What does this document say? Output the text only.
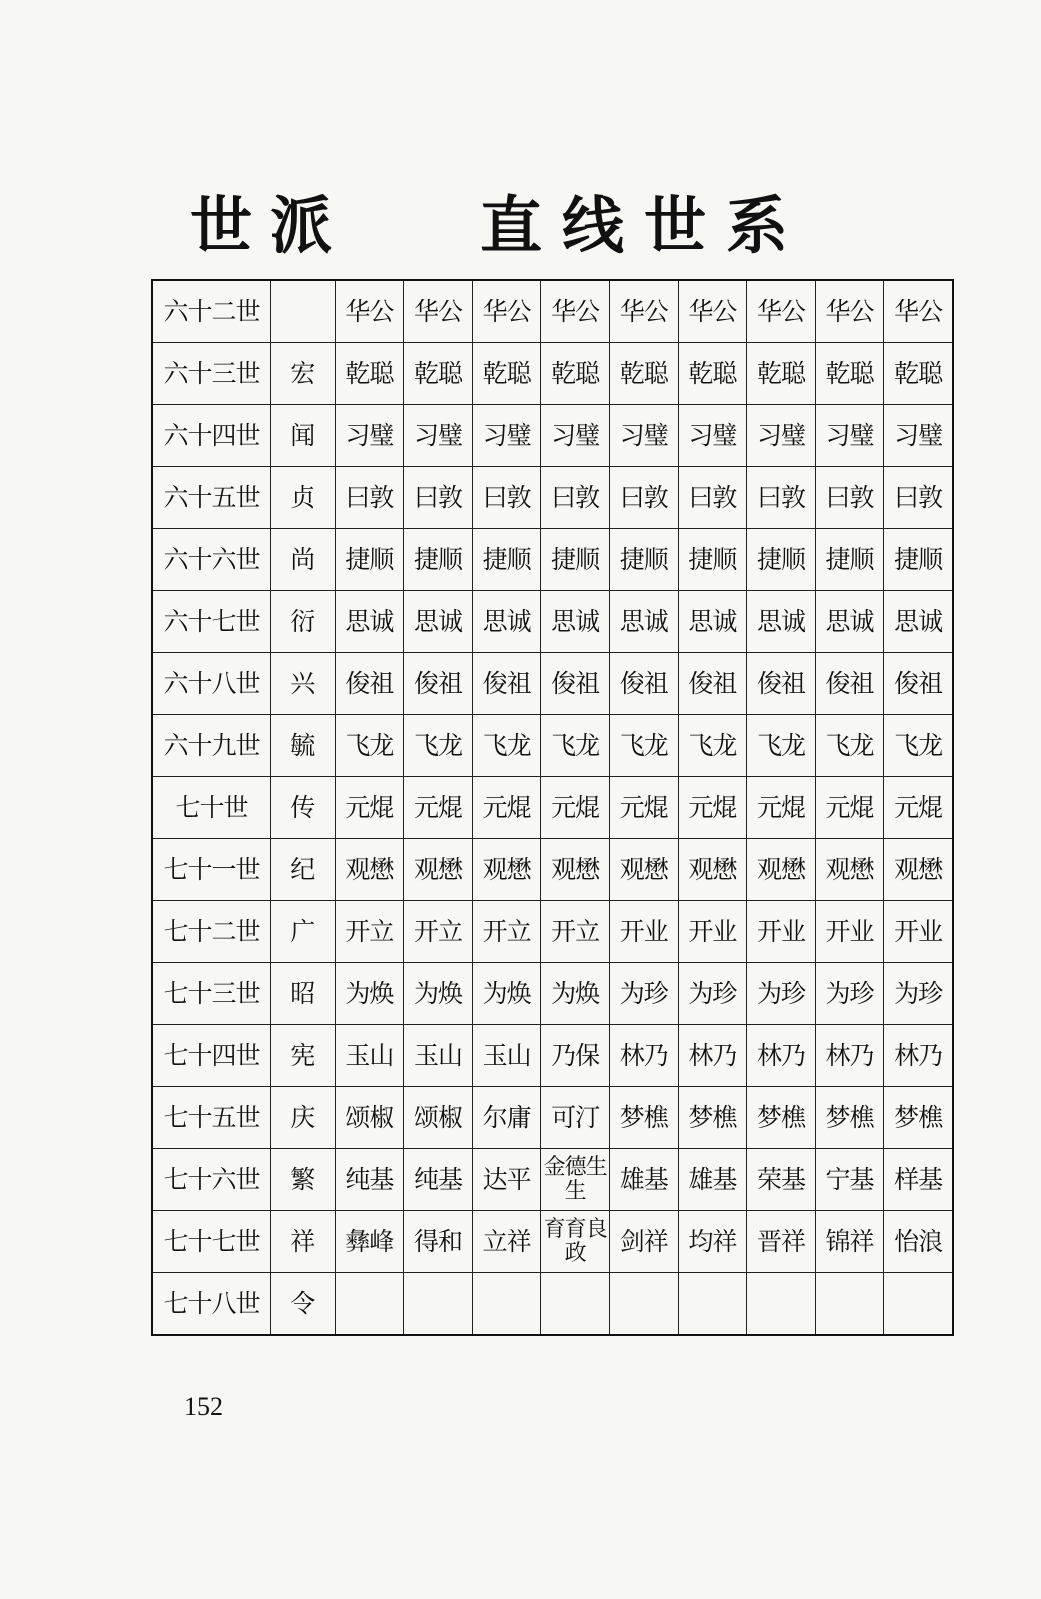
世派 直线世系
六十二世		华公	华公	华公	华公	华公	华公	华公	华公	华公
六十三世	宏	乾聪	乾聪	乾聪	乾聪	乾聪	乾聪	乾聪	乾聪	乾聪
六十四世	闻	习璧	习璧	习璧	习璧	习璧	习璧	习璧	习璧	习璧
六十五世	贞	曰敦	曰敦	曰敦	曰敦	曰敦	曰敦	曰敦	曰敦	曰敦
六十六世	尚	捷顺	捷顺	捷顺	捷顺	捷顺	捷顺	捷顺	捷顺	捷顺
六十七世	衍	思诚	思诚	思诚	思诚	思诚	思诚	思诚	思诚	思诚
六十八世	兴	俊祖	俊祖	俊祖	俊祖	俊祖	俊祖	俊祖	俊祖	俊祖
六十九世	毓	飞龙	飞龙	飞龙	飞龙	飞龙	飞龙	飞龙	飞龙	飞龙
七十世	传	元焜	元焜	元焜	元焜	元焜	元焜	元焜	元焜	元焜
七十一世	纪	观懋	观懋	观懋	观懋	观懋	观懋	观懋	观懋	观懋
七十二世	广	开立	开立	开立	开立	开业	开业	开业	开业	开业
七十三世	昭	为焕	为焕	为焕	为焕	为珍	为珍	为珍	为珍	为珍
七十四世	宪	玉山	玉山	玉山	乃保	林乃	林乃	林乃	林乃	林乃
七十五世	庆	颂椒	颂椒	尔庸	可汀	梦樵	梦樵	梦樵	梦樵	梦樵
七十六世	繁	纯基	纯基	达平	金德生生	雄基	雄基	荣基	宁基	样基
七十七世	祥	彝峰	得和	立祥	育育良政	剑祥	均祥	晋祥	锦祥	怡浪
七十八世	令									
152
